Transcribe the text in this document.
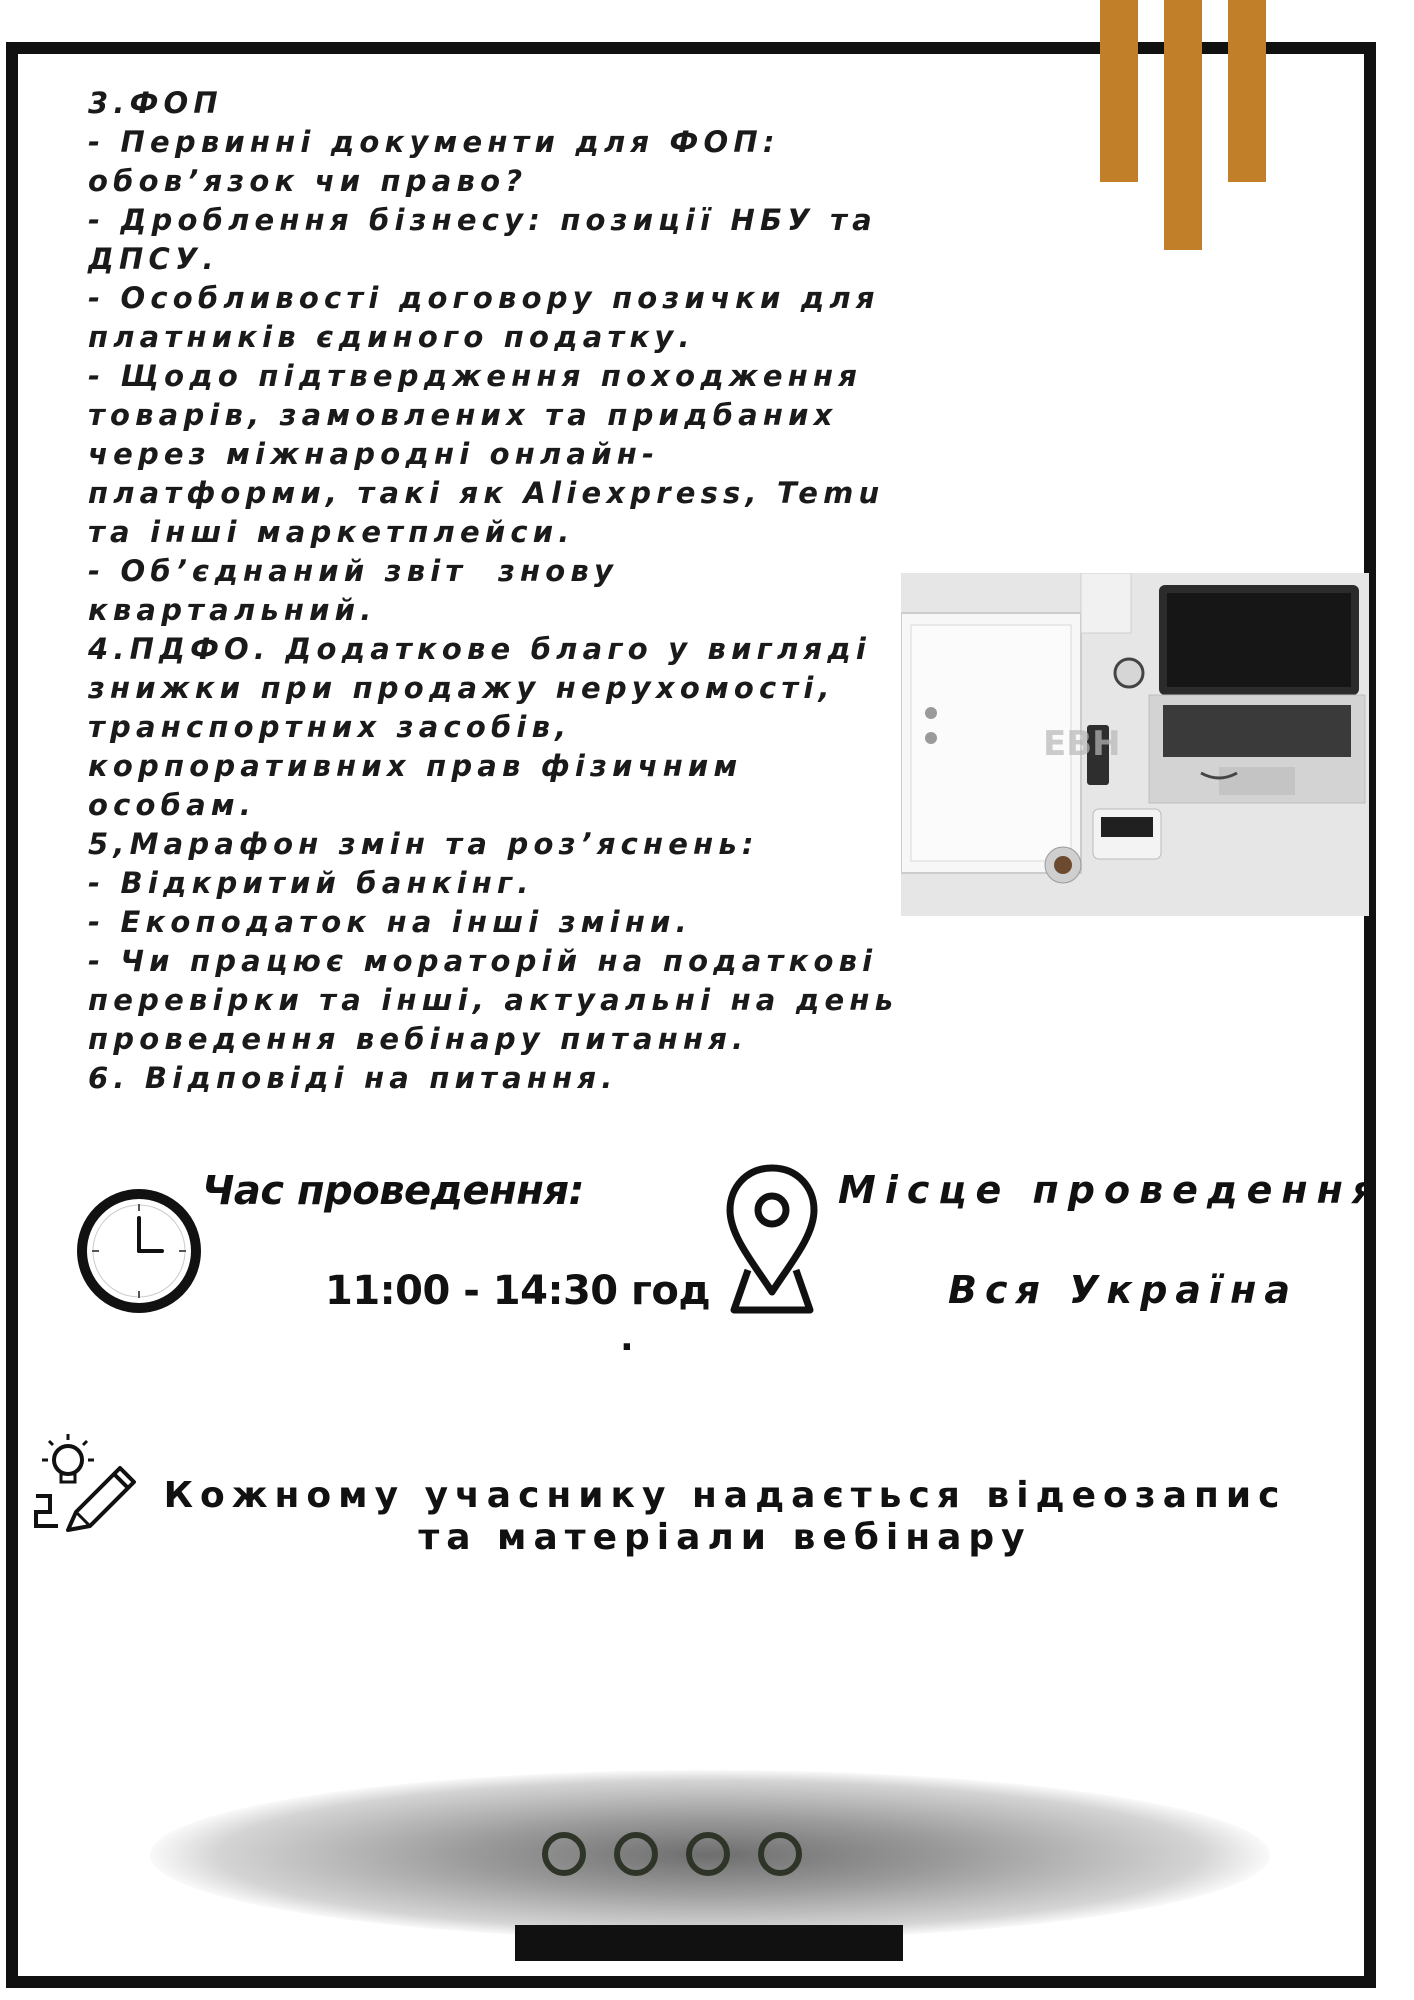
3.ФОП
- Первинні документи для ФОП:
обов’язок чи право?
- Дроблення бізнесу: позиції НБУ та
ДПСУ.
- Особливості договору позички для
платників єдиного податку.
- Щодо підтвердження походження
товарів, замовлених та придбаних
через міжнародні онлайн-
платформи, такі як Aliexpress, Temu
та інші маркетплейси.
- Об’єднаний звіт  знову
квартальний.
4.ПДФО. Додаткове благо у вигляді
знижки при продажу нерухомості,
транспортних засобів,
корпоративних прав фізичним
особам.
5,Марафон змін та роз’яснень:
- Відкритий банкінг.
- Екоподаток на інші зміни.
- Чи працює мораторій на податкові
перевірки та інші, актуальні на день
проведення вебінару питання.
6. Відповіді на питання.
EBH
Час проведення:
11:00 - 14:30 год
.
Місце проведення
Вся Україна
Кожному учаснику надається відеозапис
та матеріали вебінару
